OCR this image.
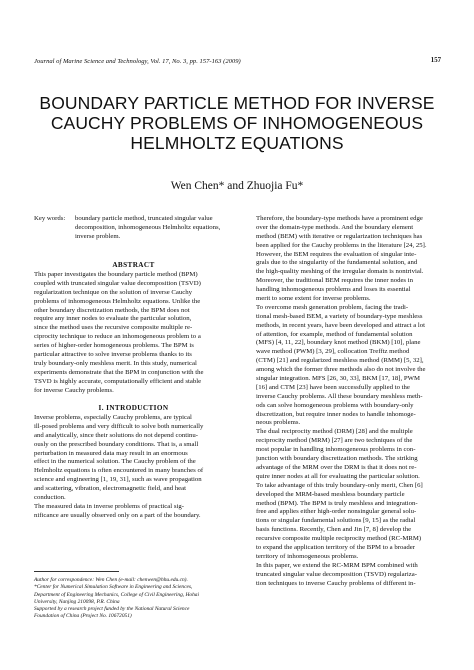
Journal of Marine Science and Technology, Vol. 17, No. 3, pp. 157-163 (2009)	157
BOUNDARY PARTICLE METHOD FOR INVERSE
CAUCHY PROBLEMS OF INHOMOGENEOUS
HELMHOLTZ EQUATIONS
Wen Chen* and Zhuojia Fu*
Key words: boundary particle method, truncated singular value
decomposition, inhomogeneous Helmholtz equations,
inverse problem.
ABSTRACT
This paper investigates the boundary particle method (BPM)
coupled with truncated singular value decomposition (TSVD)
regularization technique on the solution of inverse Cauchy
problems of inhomogeneous Helmholtz equations. Unlike the
other boundary discretization methods, the BPM does not
require any inner nodes to evaluate the particular solution,
since the method uses the recursive composite multiple re-
ciprocity technique to reduce an inhomogeneous problem to a
series of higher-order homogeneous problems. The BPM is
particular attractive to solve inverse problems thanks to its
truly boundary-only meshless merit. In this study, numerical
experiments demonstrate that the BPM in conjunction with the
TSVD is highly accurate, computationally efficient and stable
for inverse Cauchy problems.
I. INTRODUCTION
Inverse problems, especially Cauchy problems, are typical
ill-posed problems and very difficult to solve both numerically
and analytically, since their solutions do not depend continu-
ously on the prescribed boundary conditions. That is, a small
perturbation in measured data may result in an enormous
effect in the numerical solution. The Cauchy problem of the
Helmholtz equations is often encountered in many branches of
science and engineering [1, 19, 31], such as wave propagation
and scattering, vibration, electromagnetic field, and heat
conduction.
The measured data in inverse problems of practical sig-
nificance are usually observed only on a part of the boundary.
Author for correspondence: Wen Chen (e-mail: chenwen@hhu.edu.cn).
*Center for Numerical Simulation Software in Engineering and Sciences,
Department of Engineering Mechanics, College of Civil Engineering, Hohai
University, Nanjing 210098, P.R. China
Supported by a research project funded by the National Natural Science
Foundation of China (Project No. 10672051)
Therefore, the boundary-type methods have a prominent edge
over the domain-type methods. And the boundary element
method (BEM) with iterative or regularization techniques has
been applied for the Cauchy problems in the literature [24, 25].
However, the BEM requires the evaluation of singular inte-
grals due to the singularity of the fundamental solution, and
the high-quality meshing of the irregular domain is nontrivial.
Moreover, the traditional BEM requires the inner nodes in
handling inhomogeneous problems and loses its essential
merit to some extent for inverse problems.
To overcome mesh generation problem, facing the tradi-
tional mesh-based BEM, a variety of boundary-type meshless
methods, in recent years, have been developed and attract a lot
of attention, for example, method of fundamental solution
(MFS) [4, 11, 22], boundary knot method (BKM) [10], plane
wave method (PWM) [3, 29], collocation Trefftz method
(CTM) [21] and regularized meshless method (RMM) [5, 32],
among which the former three methods also do not involve the
singular integration. MFS [26, 30, 33], BKM [17, 18], PWM
[16] and CTM [23] have been successfully applied to the
inverse Cauchy problems. All these boundary meshless meth-
ods can solve homogeneous problems with boundary-only
discretization, but require inner nodes to handle inhomoge-
neous problems.
The dual reciprocity method (DRM) [28] and the multiple
reciprocity method (MRM) [27] are two techniques of the
most popular in handling inhomogeneous problems in con-
junction with boundary discretization methods. The striking
advantage of the MRM over the DRM is that it does not re-
quire inner nodes at all for evaluating the particular solution.
To take advantage of this truly boundary-only merit, Chen [6]
developed the MRM-based meshless boundary particle
method (BPM). The BPM is truly meshless and integration-
free and applies either high-order nonsingular general solu-
tions or singular fundamental solutions [9, 15] as the radial
basis functions. Recently, Chen and Jin [7, 8] develop the
recursive composite multiple reciprocity method (RC-MRM)
to expand the application territory of the BPM to a broader
territory of inhomogeneous problems.
In this paper, we extend the RC-MRM BPM combined with
truncated singular value decomposition (TSVD) regulariza-
tion techniques to inverse Cauchy problems of different in-
